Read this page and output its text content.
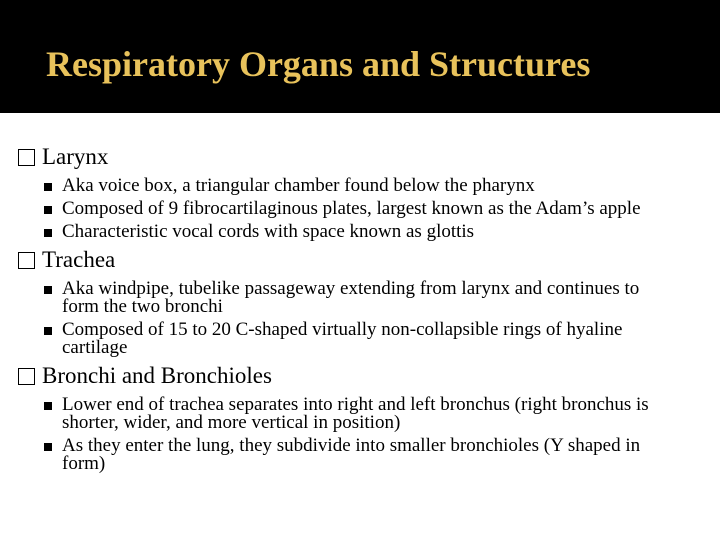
Respiratory Organs and Structures
Larynx
Aka voice box, a triangular chamber found below the pharynx
Composed of 9 fibrocartilaginous plates, largest known as the Adam’s apple
Characteristic vocal cords with space known as glottis
Trachea
Aka windpipe, tubelike passageway extending from larynx and continues to form the two bronchi
Composed of 15 to 20 C-shaped virtually non-collapsible rings of hyaline cartilage
Bronchi and Bronchioles
Lower end of trachea separates into right and left bronchus (right bronchus is shorter, wider, and more vertical in position)
As they enter the lung, they subdivide into smaller bronchioles (Y shaped in form)
